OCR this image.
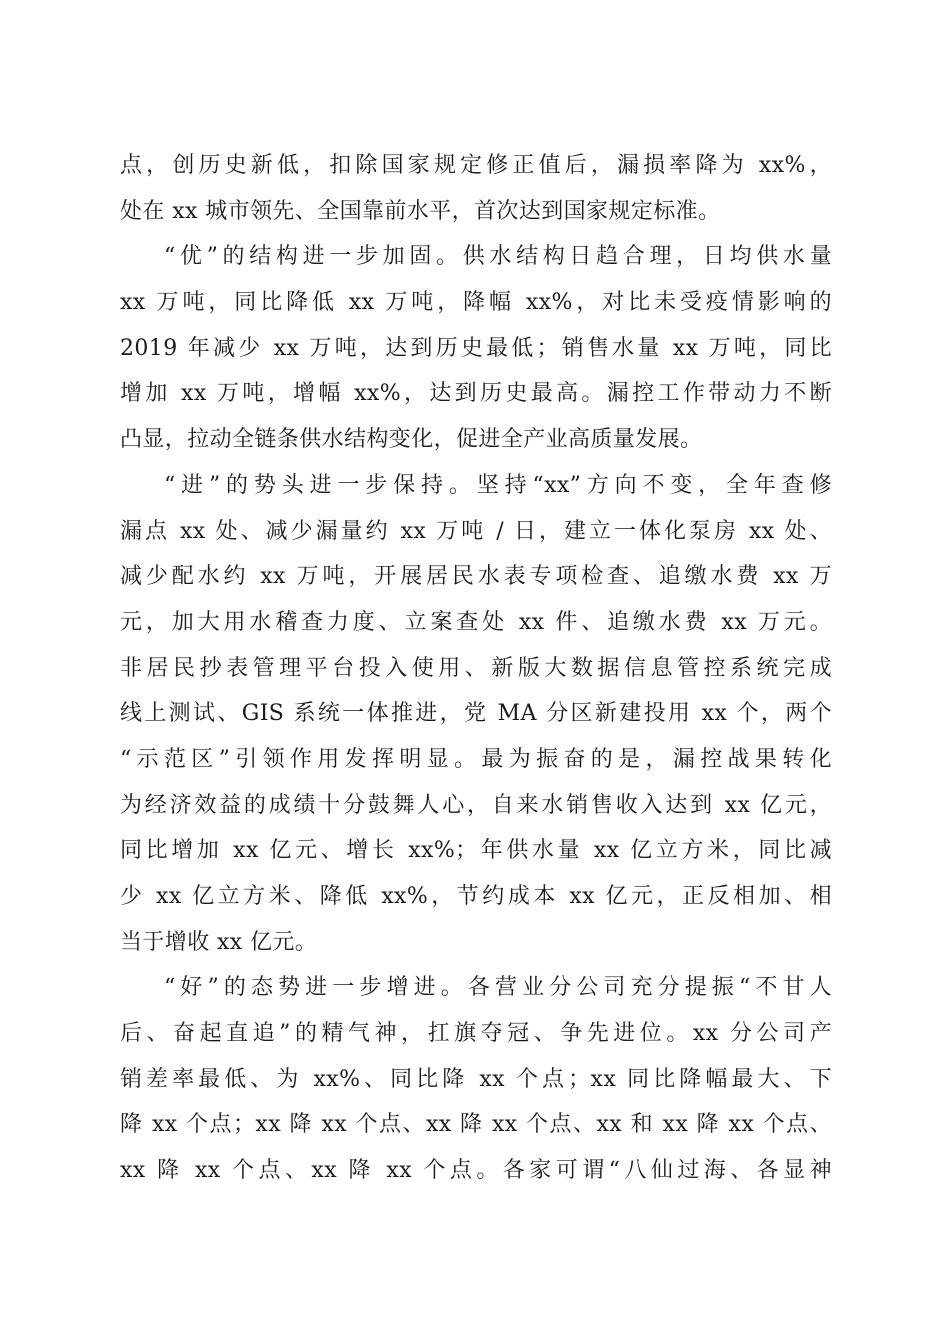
点，创历史新低，扣除国家规定修正值后，漏损率降为 xx%，
处在 xx 城市领先、全国靠前水平，首次达到国家规定标准。
“优”的结构进一步加固。供水结构日趋合理，日均供水量
xx 万吨，同比降低 xx 万吨，降幅 xx%，对比未受疫情影响的
2019 年减少 xx 万吨，达到历史最低；销售水量 xx 万吨，同比
增加 xx 万吨，增幅 xx%，达到历史最高。漏控工作带动力不断
凸显，拉动全链条供水结构变化，促进全产业高质量发展。
“进”的势头进一步保持。坚持“xx”方向不变，全年查修
漏点 xx 处、减少漏量约 xx 万吨 / 日，建立一体化泵房 xx 处、
减少配水约 xx 万吨，开展居民水表专项检查、追缴水费 xx 万
元，加大用水稽查力度、立案查处 xx 件、追缴水费 xx 万元。
非居民抄表管理平台投入使用、新版大数据信息管控系统完成
线上测试、GIS 系统一体推进，党 MA 分区新建投用 xx 个，两个
“示范区”引领作用发挥明显。最为振奋的是，漏控战果转化
为经济效益的成绩十分鼓舞人心，自来水销售收入达到 xx 亿元，
同比增加 xx 亿元、增长 xx%；年供水量 xx 亿立方米，同比减
少 xx 亿立方米、降低 xx%，节约成本 xx 亿元，正反相加、相
当于增收 xx 亿元。
“好”的态势进一步增进。各营业分公司充分提振“不甘人
后、奋起直追”的精气神，扛旗夺冠、争先进位。xx 分公司产
销差率最低、为 xx%、同比降 xx 个点；xx 同比降幅最大、下
降 xx 个点；xx 降 xx 个点、xx 降 xx 个点、xx 和 xx 降 xx 个点、
xx 降 xx 个点、xx 降 xx 个点。各家可谓“八仙过海、各显神
